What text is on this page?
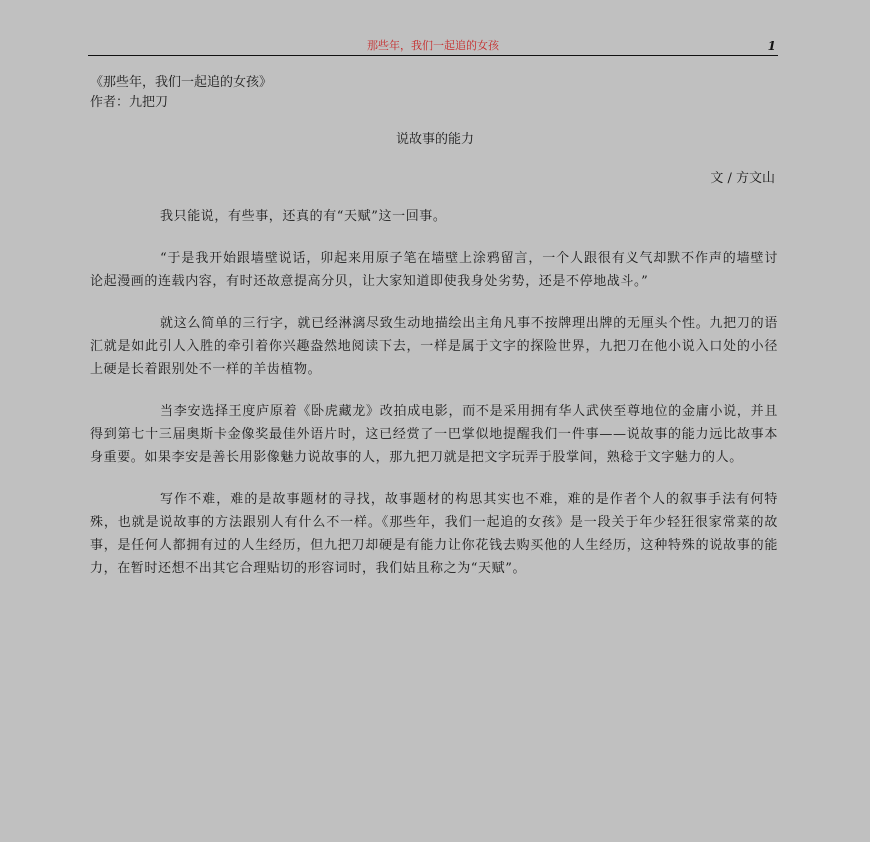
那些年，我们一起追的女孩	1
《那些年，我们一起追的女孩》
作者：九把刀
说故事的能力
文 / 方文山

我只能说，有些事，还真的有“天赋”这一回事。

“于是我开始跟墙壁说话，卯起来用原子笔在墙壁上涂鸦留言，一个人跟很有义气却默不作声的墙壁讨论起漫画的连载内容，有时还故意提高分贝，让大家知道即使我身处劣势，还是不停地战斗。”

就这么简单的三行字，就已经淋漓尽致生动地描绘出主角凡事不按牌理出牌的无厘头个性。九把刀的语汇就是如此引人入胜的牵引着你兴趣盎然地阅读下去，一样是属于文字的探险世界，九把刀在他小说入口处的小径上硬是长着跟别处不一样的羊齿植物。

当李安选择王度庐原着《卧虎藏龙》改拍成电影，而不是采用拥有华人武侠至尊地位的金庸小说，并且得到第七十三届奥斯卡金像奖最佳外语片时，这已经赏了一巴掌似地提醒我们一件事——说故事的能力远比故事本身重要。如果李安是善长用影像魅力说故事的人，那九把刀就是把文字玩弄于股掌间，熟稔于文字魅力的人。

写作不难，难的是故事题材的寻找，故事题材的构思其实也不难，难的是作者个人的叙事手法有何特殊，也就是说故事的方法跟别人有什么不一样。《那些年，我们一起追的女孩》是一段关于年少轻狂很家常菜的故事，是任何人都拥有过的人生经历，但九把刀却硬是有能力让你花钱去购买他的人生经历，这种特殊的说故事的能力，在暂时还想不出其它合理贴切的形容词时，我们姑且称之为“天赋”。
